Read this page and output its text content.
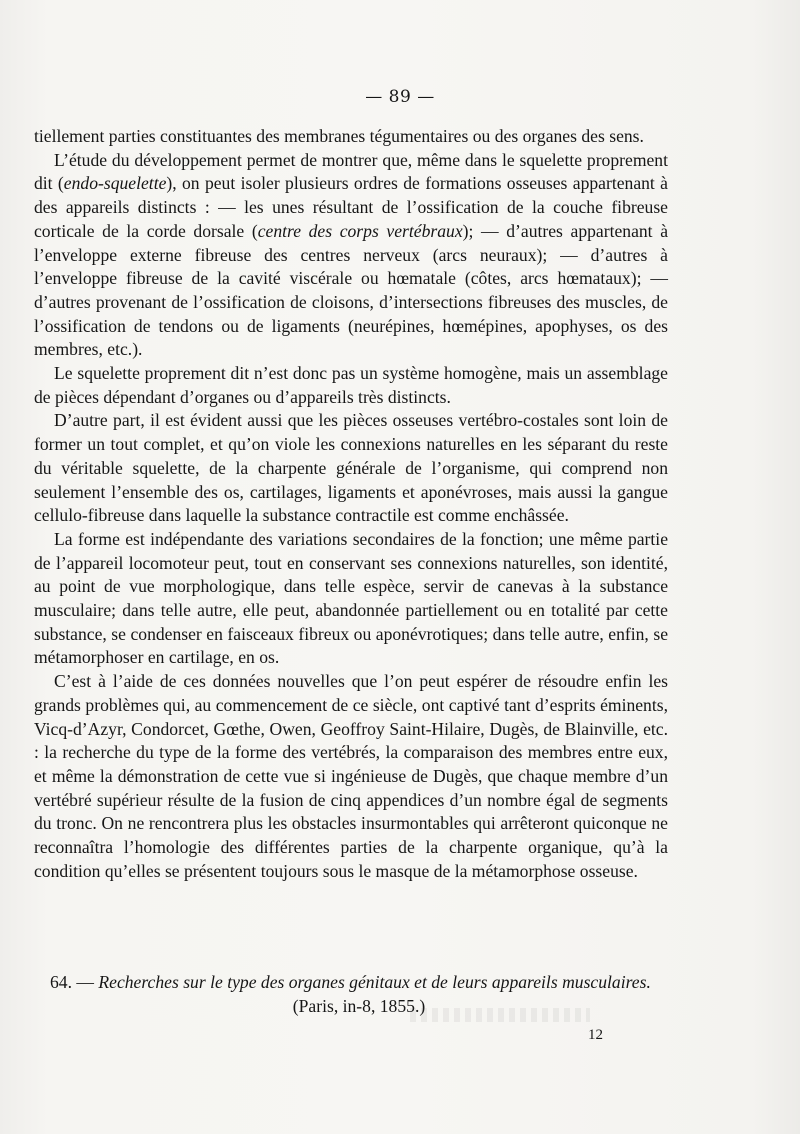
— 89 —

tiellement parties constituantes des membranes tégumentaires ou des organes des sens.

L’étude du développement permet de montrer que, même dans le squelette proprement dit (endo-squelette), on peut isoler plusieurs ordres de formations osseuses appartenant à des appareils distincts : — les unes résultant de l’ossification de la couche fibreuse corticale de la corde dorsale (centre des corps vertébraux); — d’autres appartenant à l’enveloppe externe fibreuse des centres nerveux (arcs neuraux); — d’autres à l’enveloppe fibreuse de la cavité viscérale ou hœmatale (côtes, arcs hœmataux); — d’autres provenant de l’ossification de cloisons, d’intersections fibreuses des muscles, de l’ossification de tendons ou de ligaments (neurépines, hœmépines, apophyses, os des membres, etc.).

Le squelette proprement dit n’est donc pas un système homogène, mais un assemblage de pièces dépendant d’organes ou d’appareils très distincts.

D’autre part, il est évident aussi que les pièces osseuses vertébro-costales sont loin de former un tout complet, et qu’on viole les connexions naturelles en les séparant du reste du véritable squelette, de la charpente générale de l’organisme, qui comprend non seulement l’ensemble des os, cartilages, ligaments et aponévroses, mais aussi la gangue cellulo-fibreuse dans laquelle la substance contractile est comme enchâssée.

La forme est indépendante des variations secondaires de la fonction; une même partie de l’appareil locomoteur peut, tout en conservant ses connexions naturelles, son identité, au point de vue morphologique, dans telle espèce, servir de canevas à la substance musculaire; dans telle autre, elle peut, abandonnée partiellement ou en totalité par cette substance, se condenser en faisceaux fibreux ou aponévrotiques; dans telle autre, enfin, se métamorphoser en cartilage, en os.

C’est à l’aide de ces données nouvelles que l’on peut espérer de résoudre enfin les grands problèmes qui, au commencement de ce siècle, ont captivé tant d’esprits éminents, Vicq-d’Azyr, Condorcet, Gœthe, Owen, Geoffroy Saint-Hilaire, Dugès, de Blainville, etc. : la recherche du type de la forme des vertébrés, la comparaison des membres entre eux, et même la démonstration de cette vue si ingénieuse de Dugès, que chaque membre d’un vertébré supérieur résulte de la fusion de cinq appendices d’un nombre égal de segments du tronc. On ne rencontrera plus les obstacles insurmontables qui arrêteront quiconque ne reconnaîtra l’homologie des différentes parties de la charpente organique, qu’à la condition qu’elles se présentent toujours sous le masque de la métamorphose osseuse.

64. — Recherches sur le type des organes génitaux et de leurs appareils musculaires.
(Paris, in-8, 1855.)
12
